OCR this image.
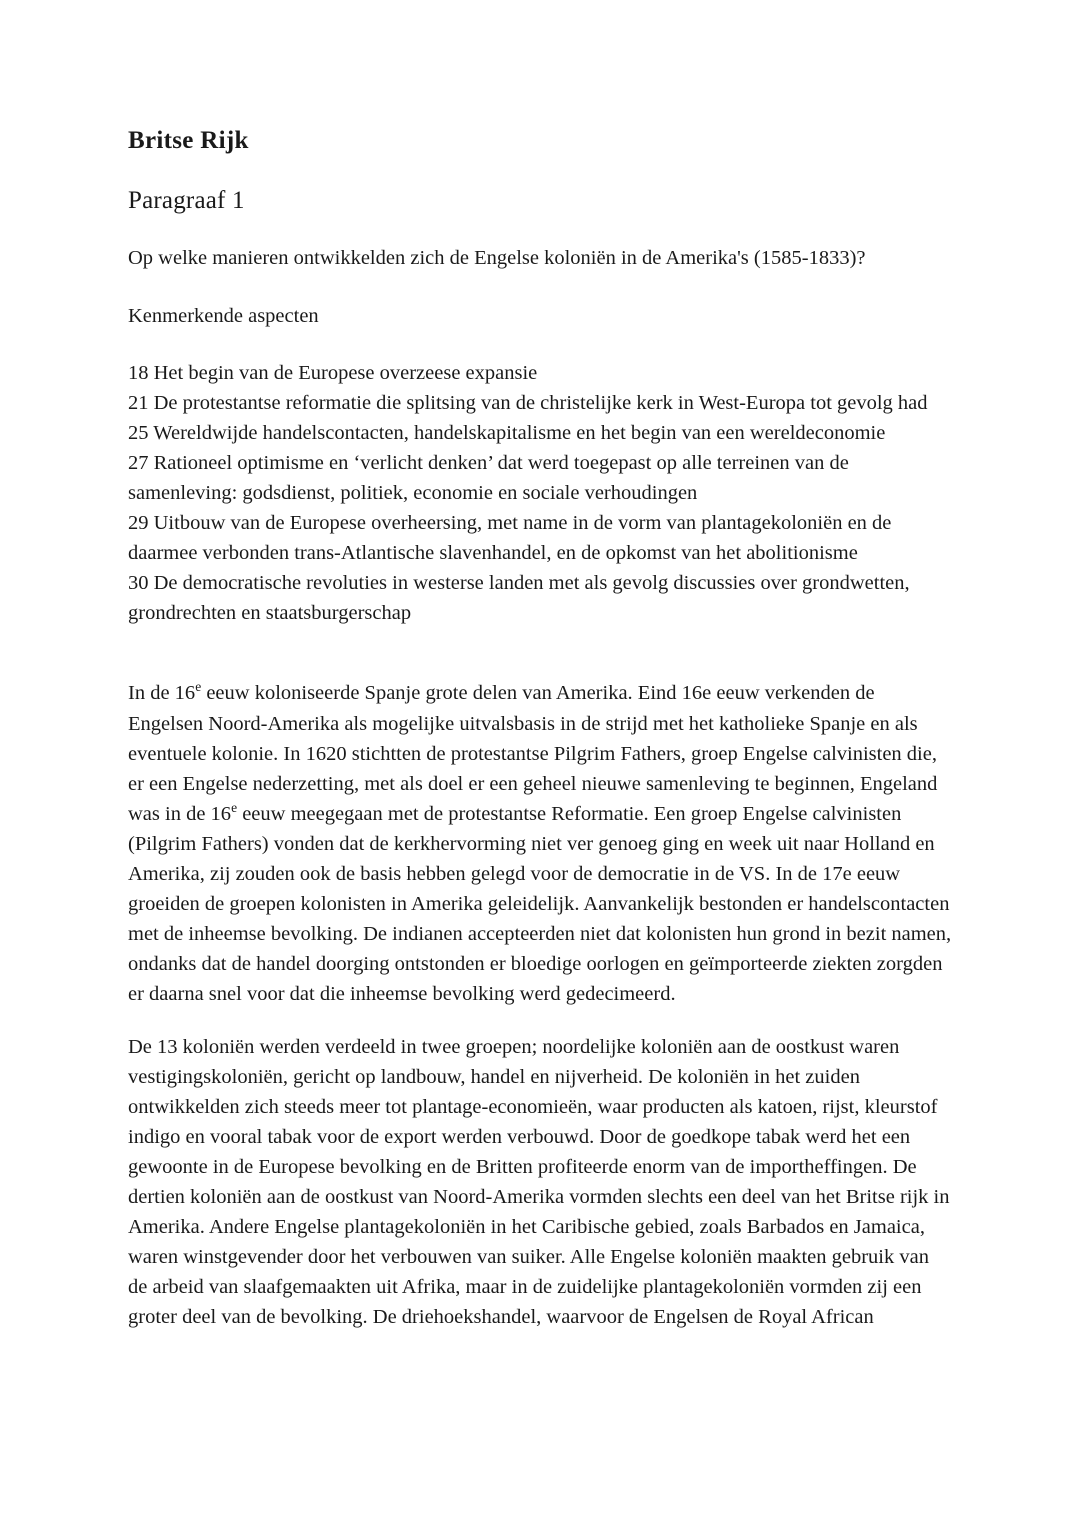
Britse Rijk
Paragraaf 1

Op welke manieren ontwikkelden zich de Engelse koloniën in de Amerika's (1585-1833)?

Kenmerkende aspecten

18 Het begin van de Europese overzeese expansie
21 De protestantse reformatie die splitsing van de christelijke kerk in West-Europa tot gevolg had
25 Wereldwijde handelscontacten, handelskapitalisme en het begin van een wereldeconomie
27 Rationeel optimisme en ‘verlicht denken’ dat werd toegepast op alle terreinen van de samenleving: godsdienst, politiek, economie en sociale verhoudingen
29 Uitbouw van de Europese overheersing, met name in de vorm van plantagekoloniën en de daarmee verbonden trans-Atlantische slavenhandel, en de opkomst van het abolitionisme
30 De democratische revoluties in westerse landen met als gevolg discussies over grondwetten, grondrechten en staatsburgerschap

In de 16e eeuw koloniseerde Spanje grote delen van Amerika. Eind 16e eeuw verkenden de Engelsen Noord-Amerika als mogelijke uitvalsbasis in de strijd met het katholieke Spanje en als eventuele kolonie. In 1620 stichtten de protestantse Pilgrim Fathers, groep Engelse calvinisten die, er een Engelse nederzetting, met als doel er een geheel nieuwe samenleving te beginnen, Engeland was in de 16e eeuw meegegaan met de protestantse Reformatie. Een groep Engelse calvinisten (Pilgrim Fathers) vonden dat de kerkhervorming niet ver genoeg ging en week uit naar Holland en Amerika, zij zouden ook de basis hebben gelegd voor de democratie in de VS. In de 17e eeuw groeiden de groepen kolonisten in Amerika geleidelijk. Aanvankelijk bestonden er handelscontacten met de inheemse bevolking. De indianen accepteerden niet dat kolonisten hun grond in bezit namen, ondanks dat de handel doorging ontstonden er bloedige oorlogen en geïmporteerde ziekten zorgden er daarna snel voor dat die inheemse bevolking werd gedecimeerd.

De 13 koloniën werden verdeeld in twee groepen; noordelijke koloniën aan de oostkust waren vestigingskoloniën, gericht op landbouw, handel en nijverheid. De koloniën in het zuiden ontwikkelden zich steeds meer tot plantage-economieën, waar producten als katoen, rijst, kleurstof indigo en vooral tabak voor de export werden verbouwd. Door de goedkope tabak werd het een gewoonte in de Europese bevolking en de Britten profiteerde enorm van de importheffingen. De dertien koloniën aan de oostkust van Noord-Amerika vormden slechts een deel van het Britse rijk in Amerika. Andere Engelse plantagekoloniën in het Caribische gebied, zoals Barbados en Jamaica, waren winstgevender door het verbouwen van suiker. Alle Engelse koloniën maakten gebruik van de arbeid van slaafgemaakten uit Afrika, maar in de zuidelijke plantagekoloniën vormden zij een groter deel van de bevolking. De driehoekshandel, waarvoor de Engelsen de Royal African
